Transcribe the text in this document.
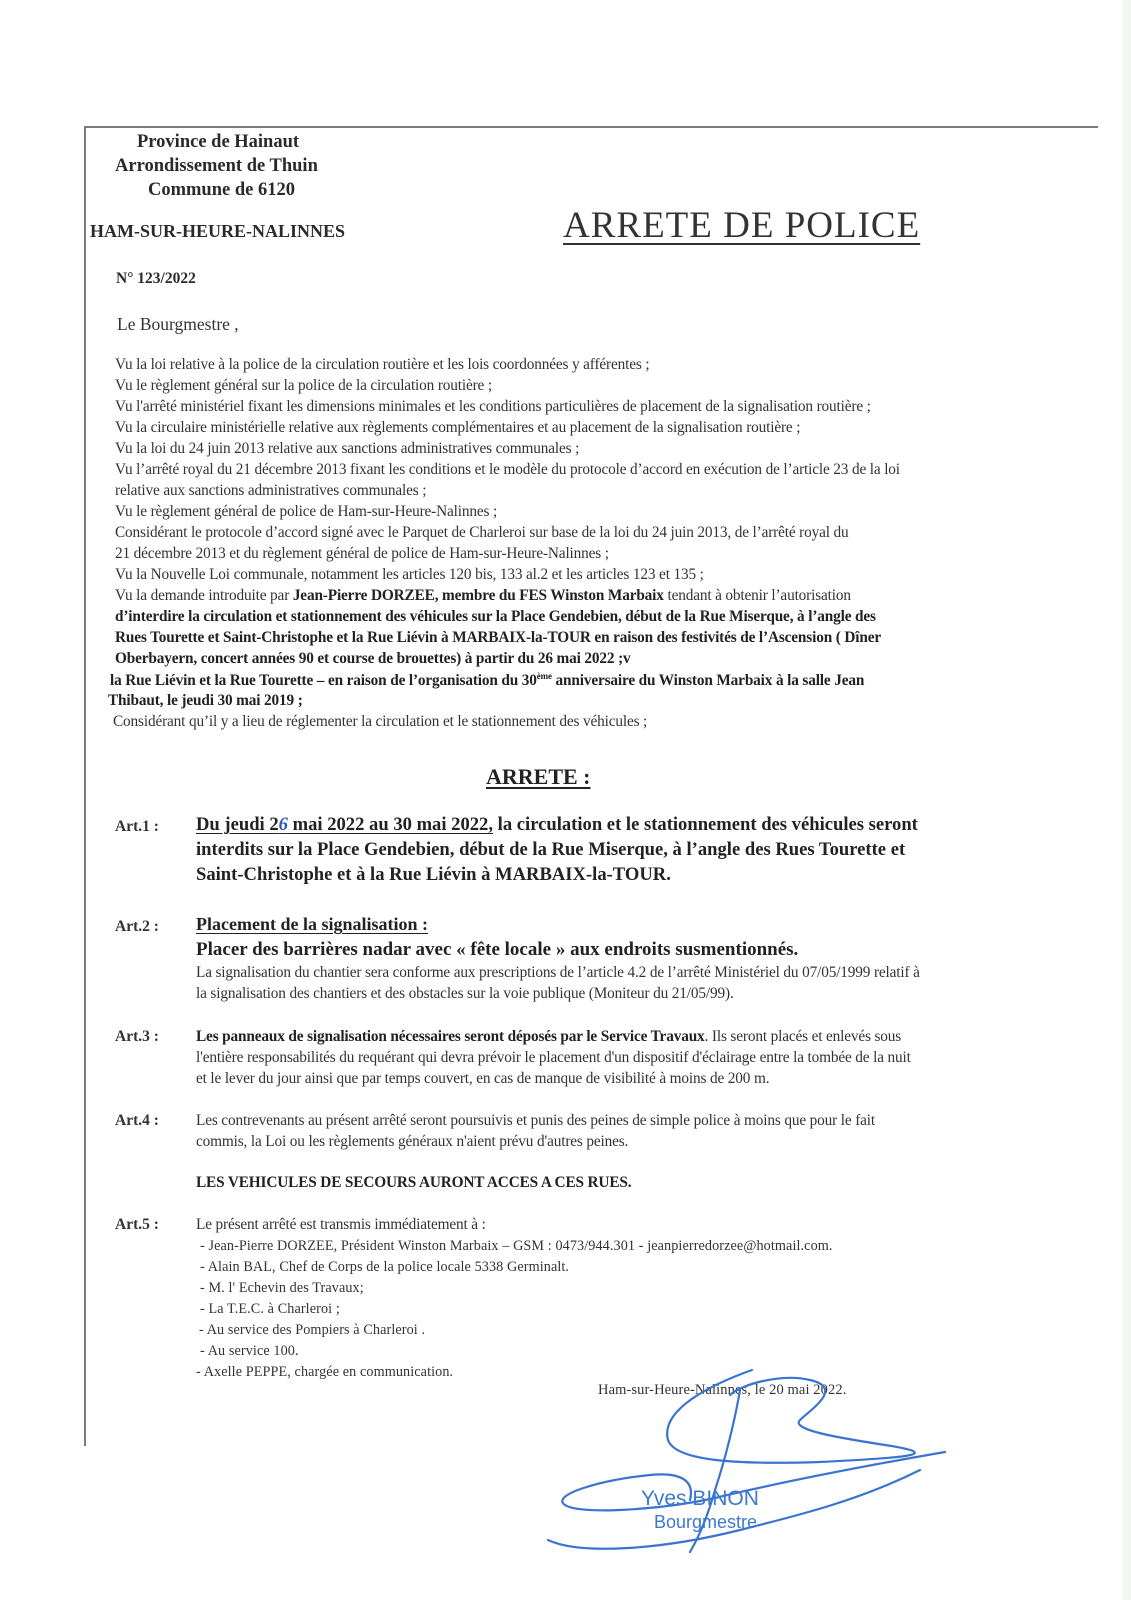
Province de Hainaut
Arrondissement de Thuin
Commune de 6120
HAM-SUR-HEURE-NALINNES	ARRETE DE POLICE
N° 123/2022
Le Bourgmestre ,
Vu la loi relative à la police de la circulation routière et les lois coordonnées y afférentes ;
Vu le règlement général sur la police de la circulation routière ;
Vu l'arrêté ministériel fixant les dimensions minimales et les conditions particulières de placement de la signalisation routière ;
Vu la circulaire ministérielle relative aux règlements complémentaires et au placement de la signalisation routière ;
Vu la loi du 24 juin 2013 relative aux sanctions administratives communales ;
Vu l’arrêté royal du 21 décembre 2013 fixant les conditions et le modèle du protocole d’accord en exécution de l’article 23 de la loi
relative aux sanctions administratives communales ;
Vu le règlement général de police de Ham-sur-Heure-Nalinnes ;
Considérant le protocole d’accord signé avec le Parquet de Charleroi sur base de la loi du 24 juin 2013, de l’arrêté royal du
21 décembre 2013 et du règlement général de police de Ham-sur-Heure-Nalinnes ;
Vu la Nouvelle Loi communale, notamment les articles 120 bis, 133 al.2 et les articles 123 et 135 ;
Vu la demande introduite par Jean-Pierre DORZEE, membre du FES Winston Marbaix tendant à obtenir l’autorisation
d’interdire la circulation et stationnement des véhicules sur la Place Gendebien, début de la Rue Miserque, à l’angle des
Rues Tourette et Saint-Christophe et la Rue Liévin à MARBAIX-la-TOUR en raison des festivités de l’Ascension ( Dîner
Oberbayern, concert années 90 et course de brouettes) à partir du 26 mai 2022 ;v
la Rue Liévin et la Rue Tourette – en raison de l’organisation du 30ème anniversaire du Winston Marbaix à la salle Jean
Thibaut, le jeudi 30 mai 2019 ;
Considérant qu’il y a lieu de réglementer la circulation et le stationnement des véhicules ;
ARRETE :
Art.1 : Du jeudi 26 mai 2022 au 30 mai 2022, la circulation et le stationnement des véhicules seront
interdits sur la Place Gendebien, début de la Rue Miserque, à l’angle des Rues Tourette et
Saint-Christophe et à la Rue Liévin à MARBAIX-la-TOUR.
Art.2 : Placement de la signalisation :
Placer des barrières nadar avec « fête locale » aux endroits susmentionnés.
La signalisation du chantier sera conforme aux prescriptions de l’article 4.2 de l’arrêté Ministériel du 07/05/1999 relatif à
la signalisation des chantiers et des obstacles sur la voie publique (Moniteur du 21/05/99).
Art.3 : Les panneaux de signalisation nécessaires seront déposés par le Service Travaux. Ils seront placés et enlevés sous
l'entière responsabilités du requérant qui devra prévoir le placement d'un dispositif d'éclairage entre la tombée de la nuit
et le lever du jour ainsi que par temps couvert, en cas de manque de visibilité à moins de 200 m.
Art.4 : Les contrevenants au présent arrêté seront poursuivis et punis des peines de simple police à moins que pour le fait
commis, la Loi ou les règlements généraux n'aient prévu d'autres peines.
LES VEHICULES DE SECOURS AURONT ACCES A CES RUES.
Art.5 : Le présent arrêté est transmis immédiatement à :
- Jean-Pierre DORZEE, Président Winston Marbaix – GSM : 0473/944.301 - jeanpierredorzee@hotmail.com.
- Alain BAL, Chef de Corps de la police locale 5338 Germinalt.
- M. l' Echevin des Travaux;
- La T.E.C. à Charleroi ;
- Au service des Pompiers à Charleroi .
- Au service 100.
- Axelle PEPPE, chargée en communication.
Ham-sur-Heure-Nalinnes, le 20 mai 2022.
Yves BINON
Bourgmestre
